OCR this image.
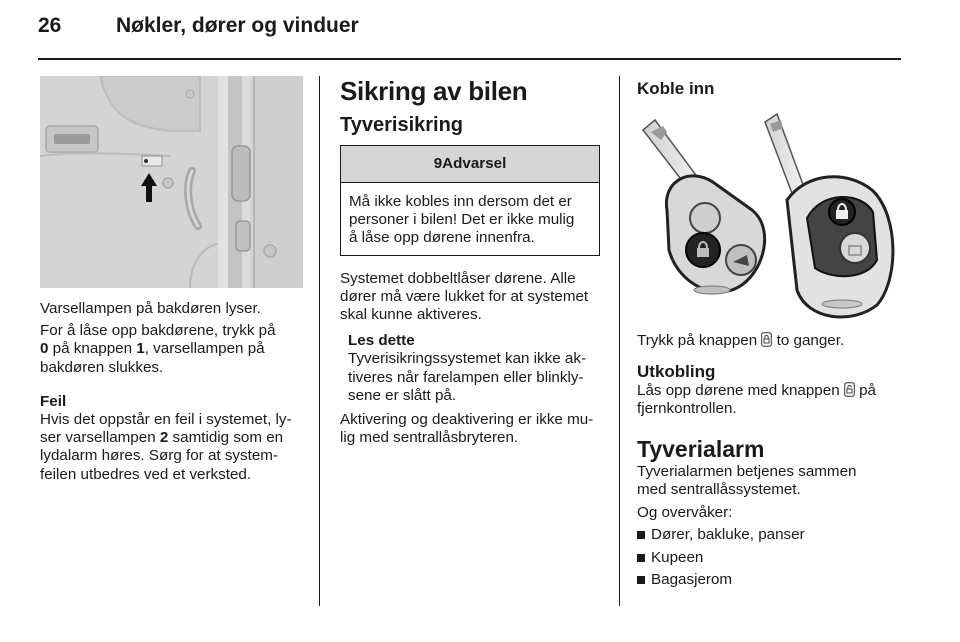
26	Nøkler, dører og vinduer

Varsellampen på bakdøren lyser.

For å låse opp bakdørene, trykk på
0 på knappen 1, varsellampen på
bakdøren slukkes.

Feil

Hvis det oppstår en feil i systemet, ly-
ser varsellampen 2 samtidig som en
lydalarm høres. Sørg for at system-
feilen utbedres ved et verksted.

Sikring av bilen
Tyverisikring
9Advarsel
Må ikke kobles inn dersom det er
personer i bilen! Det er ikke mulig
å låse opp dørene innenfra.

Systemet dobbeltlåser dørene. Alle
dører må være lukket for at systemet
skal kunne aktiveres.

Les dette

Tyverisikringssystemet kan ikke ak-
tiveres når farelampen eller blinkly-
sene er slått på.

Aktivering og deaktivering er ikke mu-
lig med sentrallåsbryteren.

Koble inn

Trykk på knappen  to ganger.

Utkobling

Lås opp dørene med knappen  på
fjernkontrollen.

Tyverialarm

Tyverialarmen betjenes sammen
med sentrallåssystemet.

Og overvåker:

Dører, bakluke, panser
Kupeen
Bagasjerom
